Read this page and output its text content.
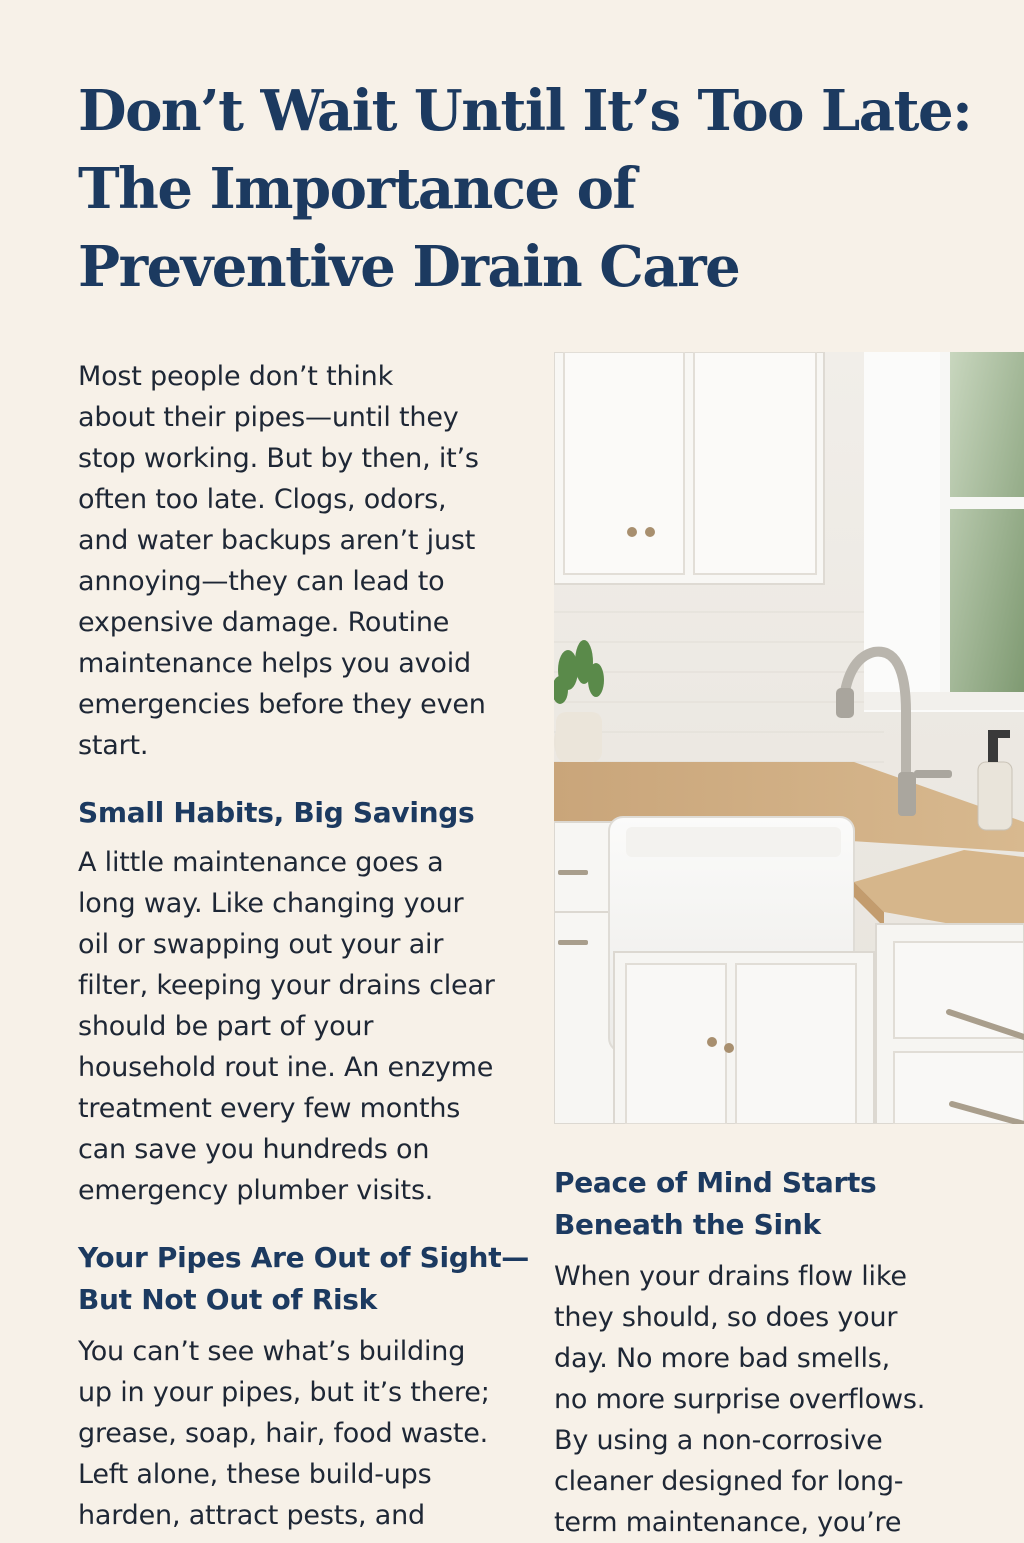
Don’t Wait Until It’s Too Late:
The Importance of
Preventive Drain Care

Most people don’t think
about their pipes—until they
stop working. But by then, it’s
often too late. Clogs, odors,
and water backups aren’t just
annoying—they can lead to
expensive damage. Routine
maintenance helps you avoid
emergencies before they even
start.

Small Habits, Big Savings

A little maintenance goes a
long way. Like changing your
oil or swapping out your air
filter, keeping your drains clear
should be part of your
household rout ine. An enzyme
treatment every few months
can save you hundreds on
emergency plumber visits.

Your Pipes Are Out of Sight—
But Not Out of Risk

You can’t see what’s building
up in your pipes, but it’s there;
grease, soap, hair, food waste.
Left alone, these build-ups
harden, attract pests, and

Peace of Mind Starts
Beneath the Sink

When your drains flow like
they should, so does your
day. No more bad smells,
no more surprise overflows.
By using a non-corrosive
cleaner designed for long-
term maintenance, you’re
